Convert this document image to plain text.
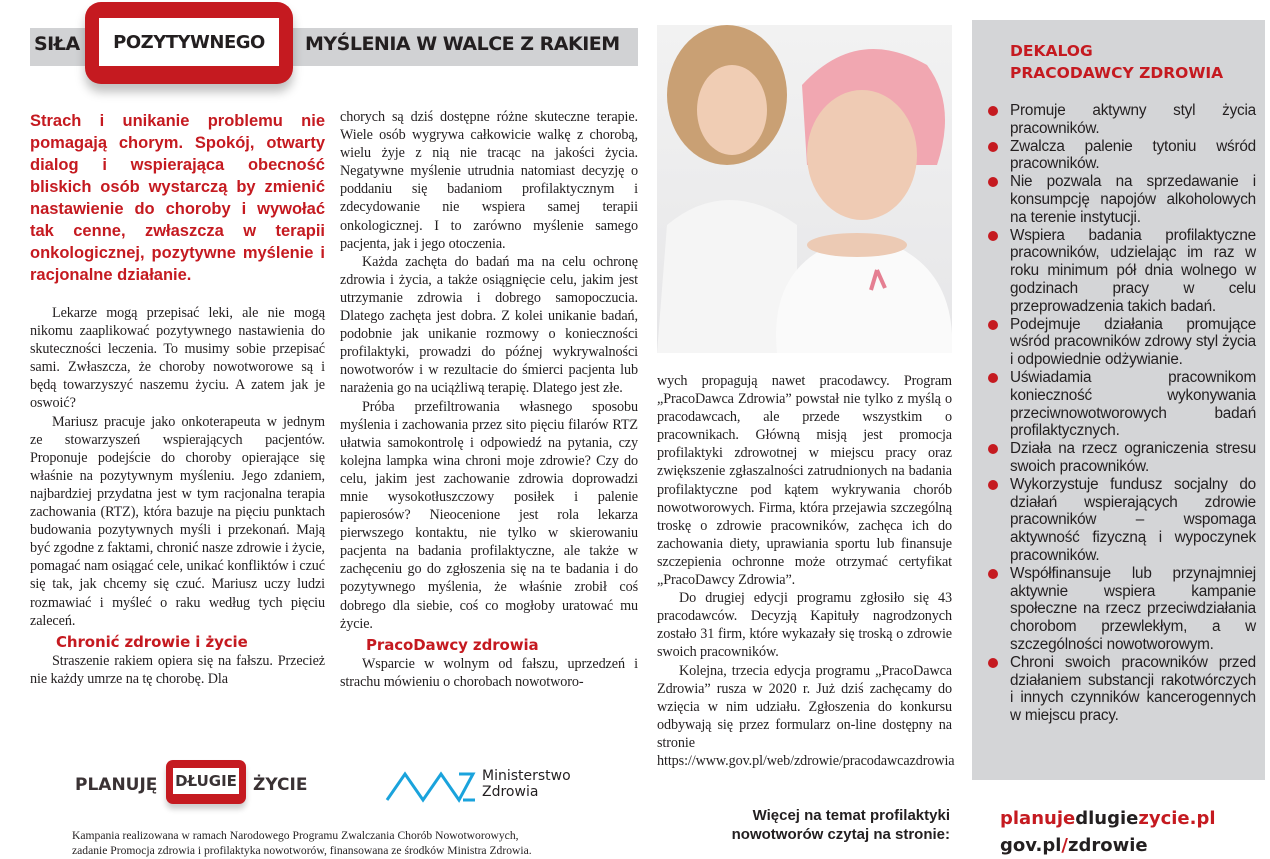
SIŁA	MYŚLENIA W WALCE Z RAKIEM
POZYTYWNEGO
Strach i unikanie problemu nie pomagają chorym. Spokój, otwarty dialog i wspierająca obecność bliskich osób wystarczą by zmienić nastawienie do choroby i wywołać tak cenne, zwłaszcza w terapii onkologicznej, pozytywne myślenie i racjonalne działanie.

Lekarze mogą przepisać leki, ale nie mogą nikomu zaaplikować pozytywnego nastawienia do skuteczności leczenia. To musimy sobie przepisać sami. Zwłaszcza, że choroby nowotworowe są i będą towarzyszyć naszemu życiu. A zatem jak je oswoić?

Mariusz pracuje jako onkoterapeuta w jednym ze stowarzyszeń wspierających pacjentów. Proponuje podejście do choroby opierające się właśnie na pozytywnym myśleniu. Jego zdaniem, najbardziej przydatna jest w tym racjonalna terapia zachowania (RTZ), która bazuje na pięciu punktach budowania pozytywnych myśli i przekonań. Mają być zgodne z faktami, chronić nasze zdrowie i życie, pomagać nam osiągać cele, unikać konfliktów i czuć się tak, jak chcemy się czuć. Mariusz uczy ludzi rozmawiać i myśleć o raku według tych pięciu zaleceń.

Chronić zdrowie i życie

Straszenie rakiem opiera się na fałszu. Przecież nie każdy umrze na tę chorobę. Dla

chorych są dziś dostępne różne skuteczne terapie. Wiele osób wygrywa całkowicie walkę z chorobą, wielu żyje z nią nie tracąc na jakości życia. Negatywne myślenie utrudnia natomiast decyzję o poddaniu się badaniom profilaktycznym i zdecydowanie nie wspiera samej terapii onkologicznej. I to zarówno myślenie samego pacjenta, jak i jego otoczenia.

Każda zachęta do badań ma na celu ochronę zdrowia i życia, a także osiągnięcie celu, jakim jest utrzymanie zdrowia i dobrego samopoczucia. Dlatego zachęta jest dobra. Z kolei unikanie badań, podobnie jak unikanie rozmowy o konieczności profilaktyki, prowadzi do późnej wykrywalności nowotworów i w rezultacie do śmierci pacjenta lub narażenia go na uciążliwą terapię. Dlatego jest złe.

Próba przefiltrowania własnego sposobu myślenia i zachowania przez sito pięciu filarów RTZ ułatwia samokontrolę i odpowiedź na pytania, czy kolejna lampka wina chroni moje zdrowie? Czy do celu, jakim jest zachowanie zdrowia doprowadzi mnie wysokotłuszczowy posiłek i palenie papierosów? Nieocenione jest rola lekarza pierwszego kontaktu, nie tylko w skierowaniu pacjenta na badania profilaktyczne, ale także w zachęceniu go do zgłoszenia się na te badania i do pozytywnego myślenia, że właśnie zrobił coś dobrego dla siebie, coś co mogłoby uratować mu życie.

PracoDawcy zdrowia

Wsparcie w wolnym od fałszu, uprzedzeń i strachu mówieniu o chorobach nowotworo-

wych propagują nawet pracodawcy. Program „PracoDawca Zdrowia” powstał nie tylko z myślą o pracodawcach, ale przede wszystkim o pracownikach. Główną misją jest promocja profilaktyki zdrowotnej w miejscu pracy oraz zwiększenie zgłaszalności zatrudnionych na badania profilaktyczne pod kątem wykrywania chorób nowotworowych. Firma, która przejawia szczególną troskę o zdrowie pracowników, zachęca ich do zachowania diety, uprawiania sportu lub finansuje szczepienia ochronne może otrzymać certyfikat „PracoDawcy Zdrowia”.

Do drugiej edycji programu zgłosiło się 43 pracodawców. Decyzją Kapituły nagrodzonych zostało 31 firm, które wykazały się troską o zdrowie swoich pracowników.

Kolejna, trzecia edycja programu „PracoDawca Zdrowia” rusza w 2020 r. Już dziś zachęcamy do wzięcia w nim udziału. Zgłoszenia do konkursu odbywają się przez formularz on-line dostępny na stronie https://www.gov.pl/web/zdrowie/pracodawcazdrowia

DEKALOG
PRACODAWCY ZDROWIA
Promuje aktywny styl życia pracowników.
Zwalcza palenie tytoniu wśród pracowników.
Nie pozwala na sprzedawanie i konsumpcję napojów alkoholowych na terenie instytucji.
Wspiera badania profilaktyczne pracowników, udzielając im raz w roku minimum pół dnia wolnego w godzinach pracy w celu przeprowadzenia takich badań.
Podejmuje działania promujące wśród pracowników zdrowy styl życia i odpowiednie odżywianie.
Uświadamia pracownikom konieczność wykonywania przeciwnowotworowych badań profilaktycznych.
Działa na rzecz ograniczenia stresu swoich pracowników.
Wykorzystuje fundusz socjalny do działań wspierających zdrowie pracowników – wspomaga aktywność fizyczną i wypoczynek pracowników.
Współfinansuje lub przynajmniej aktywnie wspiera kampanie społeczne na rzecz przeciwdziałania chorobom przewlekłym, a w szczególności nowotworowym.
Chroni swoich pracowników przed działaniem substancji rakotwórczych i innych czynników kancerogennych w miejscu pracy.
PLANUJĘ DŁUGIE ŻYCIE	Ministerstwo
Zdrowia
Kampania realizowana w ramach Narodowego Programu Zwalczania Chorób Nowotworowych,
zadanie Promocja zdrowia i profilaktyka nowotworów, finansowana ze środków Ministra Zdrowia.
Więcej na temat profilaktyki
nowotworów czytaj na stronie:
planujedlugiezycie.pl
gov.pl/zdrowie
